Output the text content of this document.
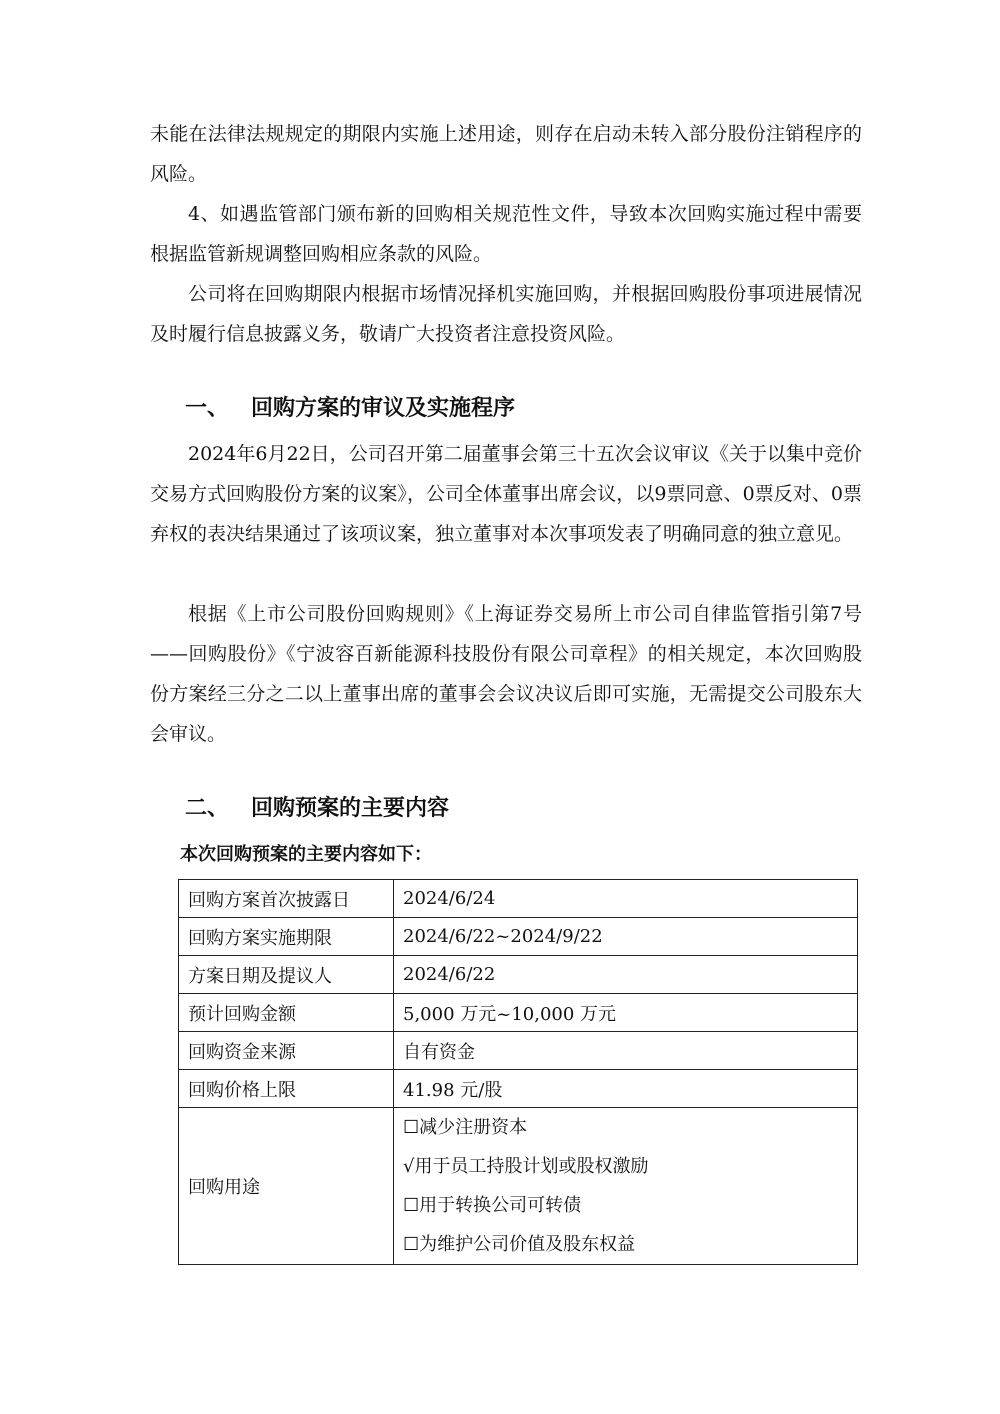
未能在法律法规规定的期限内实施上述用途，则存在启动未转入部分股份注销程序的风险。

4、如遇监管部门颁布新的回购相关规范性文件，导致本次回购实施过程中需要根据监管新规调整回购相应条款的风险。

公司将在回购期限内根据市场情况择机实施回购，并根据回购股份事项进展情况及时履行信息披露义务，敬请广大投资者注意投资风险。

一、 回购方案的审议及实施程序

2024年6月22日，公司召开第二届董事会第三十五次会议审议《关于以集中竞价交易方式回购股份方案的议案》，公司全体董事出席会议，以9票同意、0票反对、0票弃权的表决结果通过了该项议案，独立董事对本次事项发表了明确同意的独立意见。

根据《上市公司股份回购规则》《上海证券交易所上市公司自律监管指引第7号——回购股份》《宁波容百新能源科技股份有限公司章程》的相关规定，本次回购股份方案经三分之二以上董事出席的董事会会议决议后即可实施，无需提交公司股东大会审议。

二、 回购预案的主要内容

本次回购预案的主要内容如下：

回购方案首次披露日	2024/6/24
回购方案实施期限	2024/6/22~2024/9/22
方案日期及提议人	2024/6/22
预计回购金额	5,000 万元~10,000 万元
回购资金来源	自有资金
回购价格上限	41.98 元/股
回购用途	☐减少注册资本
√用于员工持股计划或股权激励
☐用于转换公司可转债
☐为维护公司价值及股东权益
